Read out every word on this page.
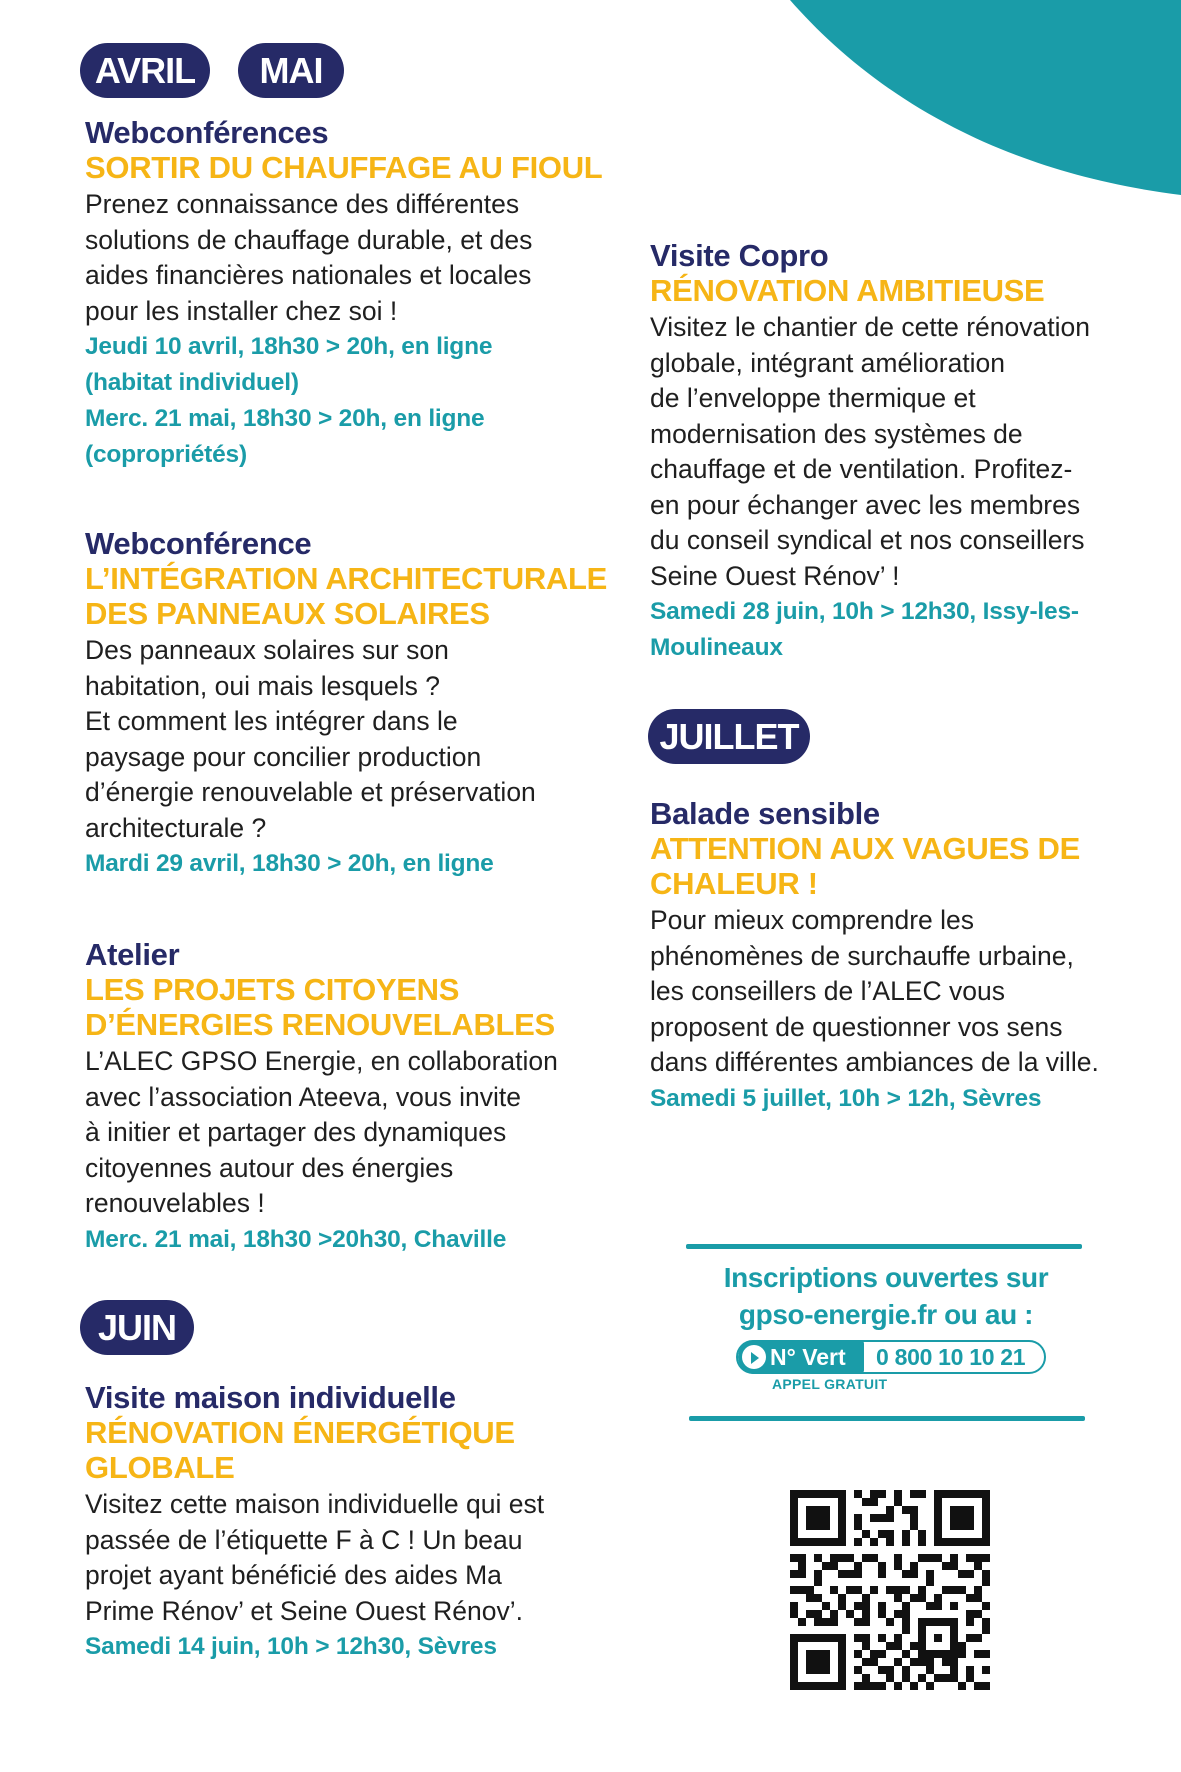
AVRIL	MAI
Webconférences
SORTIR DU CHAUFFAGE AU FIOUL
Prenez connaissance des différentes
solutions de chauffage durable, et des
aides financières nationales et locales
pour les installer chez soi !
Jeudi 10 avril, 18h30 > 20h, en ligne
(habitat individuel)
Merc. 21 mai, 18h30 > 20h, en ligne
(copropriétés)
Webconférence
L’INTÉGRATION ARCHITECTURALE
DES PANNEAUX SOLAIRES
Des panneaux solaires sur son
habitation, oui mais lesquels ?
Et comment les intégrer dans le
paysage pour concilier production
d’énergie renouvelable et préservation
architecturale ?
Mardi 29 avril, 18h30 > 20h, en ligne
Atelier
LES PROJETS CITOYENS
D’ÉNERGIES RENOUVELABLES
L’ALEC GPSO Energie, en collaboration
avec l’association Ateeva, vous invite
à initier et partager des dynamiques
citoyennes autour des énergies
renouvelables !
Merc. 21 mai, 18h30 >20h30, Chaville
JUIN
Visite maison individuelle
RÉNOVATION ÉNERGÉTIQUE
GLOBALE
Visitez cette maison individuelle qui est
passée de l’étiquette F à C ! Un beau
projet ayant bénéficié des aides Ma
Prime Rénov’ et Seine Ouest Rénov’.
Samedi 14 juin, 10h > 12h30, Sèvres
Visite Copro
RÉNOVATION AMBITIEUSE
Visitez le chantier de cette rénovation
globale, intégrant amélioration
de l’enveloppe thermique et
modernisation des systèmes de
chauffage et de ventilation. Profitez-
en pour échanger avec les membres
du conseil syndical et nos conseillers
Seine Ouest Rénov’ !
Samedi 28 juin, 10h > 12h30, Issy-les-
Moulineaux
JUILLET
Balade sensible
ATTENTION AUX VAGUES DE
CHALEUR !
Pour mieux comprendre les
phénomènes de surchauffe urbaine,
les conseillers de l’ALEC vous
proposent de questionner vos sens
dans différentes ambiances de la ville.
Samedi 5 juillet, 10h > 12h, Sèvres
Inscriptions ouvertes sur
gpso-energie.fr ou au :
N° Vert	0 800 10 10 21
APPEL GRATUIT
